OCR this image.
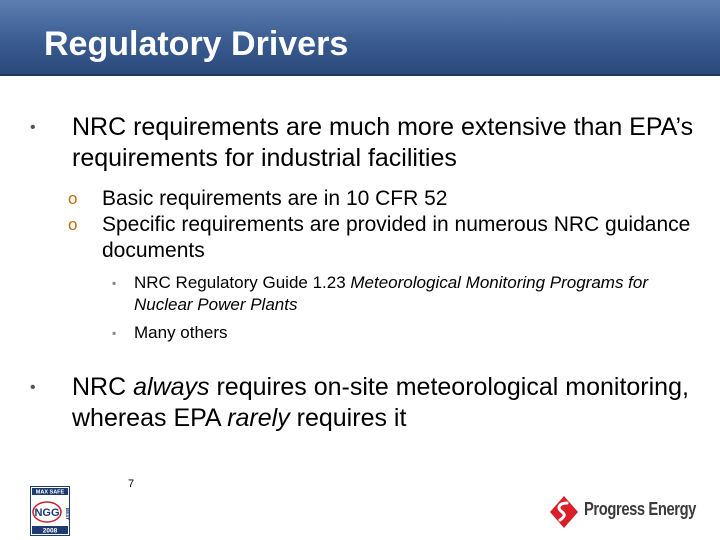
Regulatory Drivers
• NRC requirements are much more extensive than EPA’s requirements for industrial facilities
o Basic requirements are in 10 CFR 52
o Specific requirements are provided in numerous NRC guidance documents
▪ NRC Regulatory Guide 1.23 Meteorological Monitoring Programs for Nuclear Power Plants
▪ Many others
• NRC always requires on-site meteorological monitoring, whereas EPA rarely requires it
7
MAX SAFE
NGG BEST
2008
Progress Energy
